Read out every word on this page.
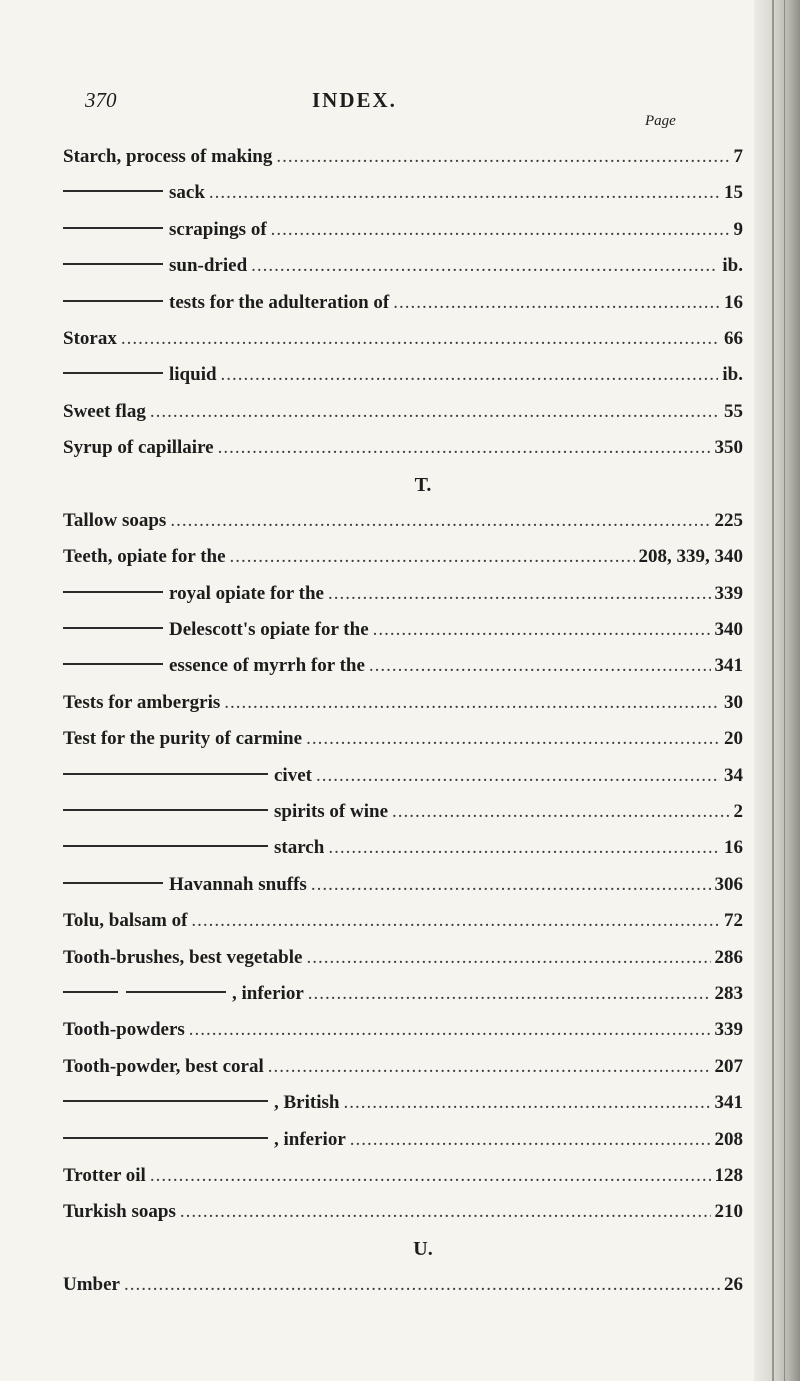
370	INDEX.
Page
Starch, process of making .....	7
sack .....	15
scrapings of .....	9
sun-dried .....	ib.
tests for the adulteration of .....	16
Storax .....	66
liquid .....	ib.
Sweet flag .....	55
Syrup of capillaire .....	350
T.
Tallow soaps .....	225
Teeth, opiate for the .....	208, 339, 340
royal opiate for the .....	339
Delescott's opiate for the .....	340
essence of myrrh for the .....	341
Tests for ambergris .....	30
Test for the purity of carmine .....	20
civet .....	34
spirits of wine .....	2
starch .....	16
Havannah snuffs .....	306
Tolu, balsam of .....	72
Tooth-brushes, best vegetable .....	286
, inferior .....	283
Tooth-powders .....	339
Tooth-powder, best coral .....	207
, British .....	341
, inferior .....	208
Trotter oil .....	128
Turkish soaps .....	210
U.
Umber .....	26
